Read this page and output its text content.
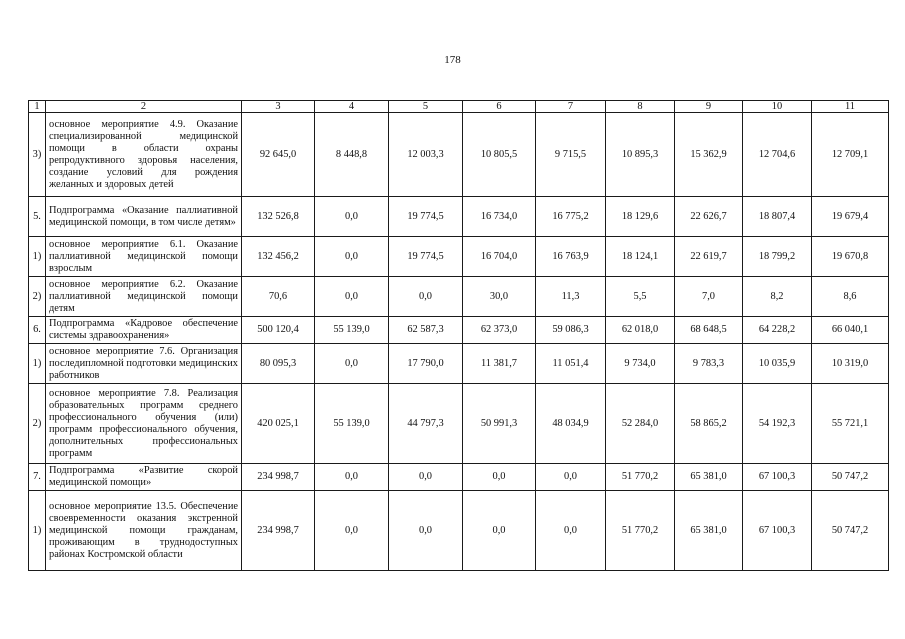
178
1	2	3	4	5	6	7	8	9	10	11
3)	основное мероприятие 4.9. Оказание специализированной медицинской помощи в области охраны репродуктивного здоровья населения, создание условий для рождения желанных и здоровых детей	92 645,0	8 448,8	12 003,3	10 805,5	9 715,5	10 895,3	15 362,9	12 704,6	12 709,1
5.	Подпрограмма «Оказание паллиативной медицинской помощи, в том числе детям»	132 526,8	0,0	19 774,5	16 734,0	16 775,2	18 129,6	22 626,7	18 807,4	19 679,4
1)	основное мероприятие 6.1. Оказание паллиативной медицинской помощи взрослым	132 456,2	0,0	19 774,5	16 704,0	16 763,9	18 124,1	22 619,7	18 799,2	19 670,8
2)	основное мероприятие 6.2. Оказание паллиативной медицинской помощи детям	70,6	0,0	0,0	30,0	11,3	5,5	7,0	8,2	8,6
6.	Подпрограмма «Кадровое обеспечение системы здравоохранения»	500 120,4	55 139,0	62 587,3	62 373,0	59 086,3	62 018,0	68 648,5	64 228,2	66 040,1
1)	основное мероприятие 7.6. Организация последипломной подготовки медицинских работников	80 095,3	0,0	17 790,0	11 381,7	11 051,4	9 734,0	9 783,3	10 035,9	10 319,0
2)	основное мероприятие 7.8. Реализация образовательных программ среднего профессионального обучения (или) программ профессионального обучения, дополнительных профессиональных программ	420 025,1	55 139,0	44 797,3	50 991,3	48 034,9	52 284,0	58 865,2	54 192,3	55 721,1
7.	Подпрограмма «Развитие скорой медицинской помощи»	234 998,7	0,0	0,0	0,0	0,0	51 770,2	65 381,0	67 100,3	50 747,2
1)	основное мероприятие 13.5. Обеспечение своевременности оказания экстренной медицинской помощи гражданам, проживающим в труднодоступных районах Костромской области	234 998,7	0,0	0,0	0,0	0,0	51 770,2	65 381,0	67 100,3	50 747,2
